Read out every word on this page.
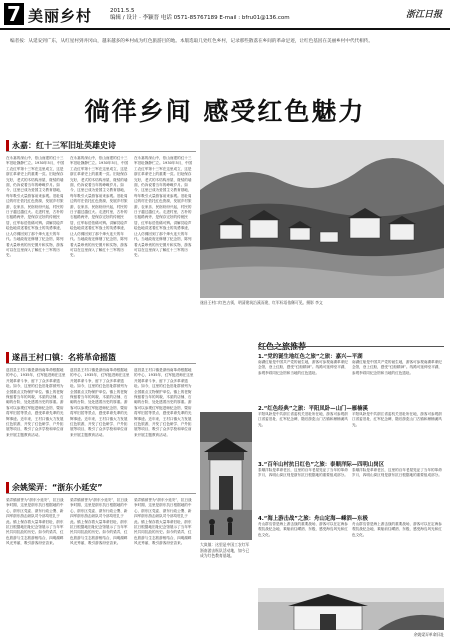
7 美丽乡村	2011.5.5
编辑 / 设计 · 李颖晋 电话 0571-85767189 E-mail : bfru01@136.com	浙江日报
编者按：从延安到广东，从红星村到井冈山，越来越多的乡村成为红色旅游目的地。本版选取几处红色乡村，记录那些散落在乡间的革命足迹，让红色基因在美丽乡村中代代相传。
徜徉乡间 感受红色魅力
永嘉：红十三军旧址英雄史诗
在永嘉的深山中，依山而建的红十三军旧址静静伫立。1930年5月，中国工农红军第十三军在这里成立，这是浙江革命史上的重要一页。旧址保存完好，老式的木结构房屋、斑驳的墙面，仍诉说着当年的峥嵘岁月。如今，这里已成为爱国主义教育基地，每年吸引大量游客前来参观。旧址周边的村庄依托红色资源，发展乡村旅游，农家乐、民宿纷纷兴起，村民的日子越过越红火。走进村里，古朴的石板路两旁，是保存完好的传统民居，红军标语依稀可辨。讲解员绘声绘色地讲述着红军战士的英勇事迹，让人仿佛回到了那个烽火连天的年代。当地政府还修缮了纪念馆，陈列着大量珍贵的历史图片和实物，游客可以在这里深入了解红十三军的历史。
在永嘉的深山中，依山而建的红十三军旧址静静伫立。1930年5月，中国工农红军第十三军在这里成立，这是浙江革命史上的重要一页。旧址保存完好，老式的木结构房屋、斑驳的墙面，仍诉说着当年的峥嵘岁月。如今，这里已成为爱国主义教育基地，每年吸引大量游客前来参观。旧址周边的村庄依托红色资源，发展乡村旅游，农家乐、民宿纷纷兴起，村民的日子越过越红火。走进村里，古朴的石板路两旁，是保存完好的传统民居，红军标语依稀可辨。讲解员绘声绘色地讲述着红军战士的英勇事迹，让人仿佛回到了那个烽火连天的年代。当地政府还修缮了纪念馆，陈列着大量珍贵的历史图片和实物，游客可以在这里深入了解红十三军的历史。
在永嘉的深山中，依山而建的红十三军旧址静静伫立。1930年5月，中国工农红军第十三军在这里成立，这是浙江革命史上的重要一页。旧址保存完好，老式的木结构房屋、斑驳的墙面，仍诉说着当年的峥嵘岁月。如今，这里已成为爱国主义教育基地，每年吸引大量游客前来参观。旧址周边的村庄依托红色资源，发展乡村旅游，农家乐、民宿纷纷兴起，村民的日子越过越红火。走进村里，古朴的石板路两旁，是保存完好的传统民居，红军标语依稀可辨。讲解员绘声绘色地讲述着红军战士的英勇事迹，让人仿佛回到了那个烽火连天的年代。当地政府还修缮了纪念馆，陈列着大量珍贵的历史图片和实物，游客可以在这里深入了解红十三军的历史。
遂昌王村口红色古街，明清建筑沿溪而建，红军标语依稀可见。摄影 李文
1.“党的诞生地红色之旅”之旅：嘉兴—平湖
南湖红船是中国共产党的诞生地，游客可参观南湖革命纪念馆，登上红船，感受“红船精神”。线路可延伸至平湖，参观李叔同纪念馆和当地的红色遗址。
南湖红船是中国共产党的诞生地，游客可参观南湖革命纪念馆，登上红船，感受“红船精神”。线路可延伸至平湖，参观李叔同纪念馆和当地的红色遗址。
2.“红色经典”之旅：平阳凤卧—山门—雁楠溪
平阳凤卧是中共浙江省委机关旧址所在地，游客可参观浙江省委旧址、红军纪念碑，随后游览山门古镇和雁楠溪风光。
平阳凤卧是中共浙江省委机关旧址所在地，游客可参观浙江省委旧址、红军纪念碑，随后游览山门古镇和雁楠溪风光。
3.“百年山村抗日红色”之旅：泰顺洋际—四明山岗区
泰顺洋际是革命老区，这里的百年老屋见证了当年的革命岁月，四明山岗区则是浙东抗日根据地的重要组成部分。
泰顺洋际是革命老区，这里的百年老屋见证了当年的革命岁月，四明山岗区则是浙东抗日根据地的重要组成部分。
4.“海上游击战”之旅：舟山定海—嵊泗—东极
舟山群岛曾是海上游击战的重要战场，游客可以在定海参观抗战纪念地，乘船前往嵊泗、东极，感受海岛风光和红色文化。
舟山群岛曾是海上游击战的重要战场，游客可以在定海参观抗战纪念地，乘船前往嵊泗、东极，感受海岛风光和红色文化。
遂昌王村口镇：名将革命摇篮
遂昌县王村口镇是浙西南革命根据地的中心，1935年，红军挺进师在这里开展革命斗争，留下了众多革命遗址。如今，这里的红色旧址群被列为全国重点文物保护单位。镇上的老街保留着当年的风貌，木质的店铺、石砌的台阶，处处透着历史的厚重。游客可以参观红军挺进师纪念馆、粟裕将军旧居等景点，感受革命先辈的光辉事迹。近年来，王村口镇大力发展红色旅游，开发了红色研学、户外拓展等项目，吸引了众多学校和单位前来开展主题教育活动。
遂昌县王村口镇是浙西南革命根据地的中心，1935年，红军挺进师在这里开展革命斗争，留下了众多革命遗址。如今，这里的红色旧址群被列为全国重点文物保护单位。镇上的老街保留着当年的风貌，木质的店铺、石砌的台阶，处处透着历史的厚重。游客可以参观红军挺进师纪念馆、粟裕将军旧居等景点，感受革命先辈的光辉事迹。近年来，王村口镇大力发展红色旅游，开发了红色研学、户外拓展等项目，吸引了众多学校和单位前来开展主题教育活动。
遂昌县王村口镇是浙西南革命根据地的中心，1935年，红军挺进师在这里开展革命斗争，留下了众多革命遗址。如今，这里的红色旧址群被列为全国重点文物保护单位。镇上的老街保留着当年的风貌，木质的店铺、石砌的台阶，处处透着历史的厚重。游客可以参观红军挺进师纪念馆、粟裕将军旧居等景点，感受革命先辈的光辉事迹。近年来，王村口镇大力发展红色旅游，开发了红色研学、户外拓展等项目，吸引了众多学校和单位前来开展主题教育活动。
大岚镇：这里是中国工农红军浙南游击纵队活动地，如今已成为红色教育基地。
余姚梁弄：“浙东小延安”
梁弄镇被誉为“浙东小延安”，抗日战争时期，这里是浙东抗日根据地的中心，浙东区党委、浙东行政公署、新四军浙东游击纵队司令部均驻扎于此。镇上保存着大量革命旧址，浙东抗日根据地旧址纪念馆展示了当年军民共同抗敌的历史。如今的梁弄，红色旅游与生态旅游相结合，四明湖畔风光秀丽，吸引游客纷至沓来。
梁弄镇被誉为“浙东小延安”，抗日战争时期，这里是浙东抗日根据地的中心，浙东区党委、浙东行政公署、新四军浙东游击纵队司令部均驻扎于此。镇上保存着大量革命旧址，浙东抗日根据地旧址纪念馆展示了当年军民共同抗敌的历史。如今的梁弄，红色旅游与生态旅游相结合，四明湖畔风光秀丽，吸引游客纷至沓来。
梁弄镇被誉为“浙东小延安”，抗日战争时期，这里是浙东抗日根据地的中心，浙东区党委、浙东行政公署、新四军浙东游击纵队司令部均驻扎于此。镇上保存着大量革命旧址，浙东抗日根据地旧址纪念馆展示了当年军民共同抗敌的历史。如今的梁弄，红色旅游与生态旅游相结合，四明湖畔风光秀丽，吸引游客纷至沓来。
余姚梁弄革命旧址
